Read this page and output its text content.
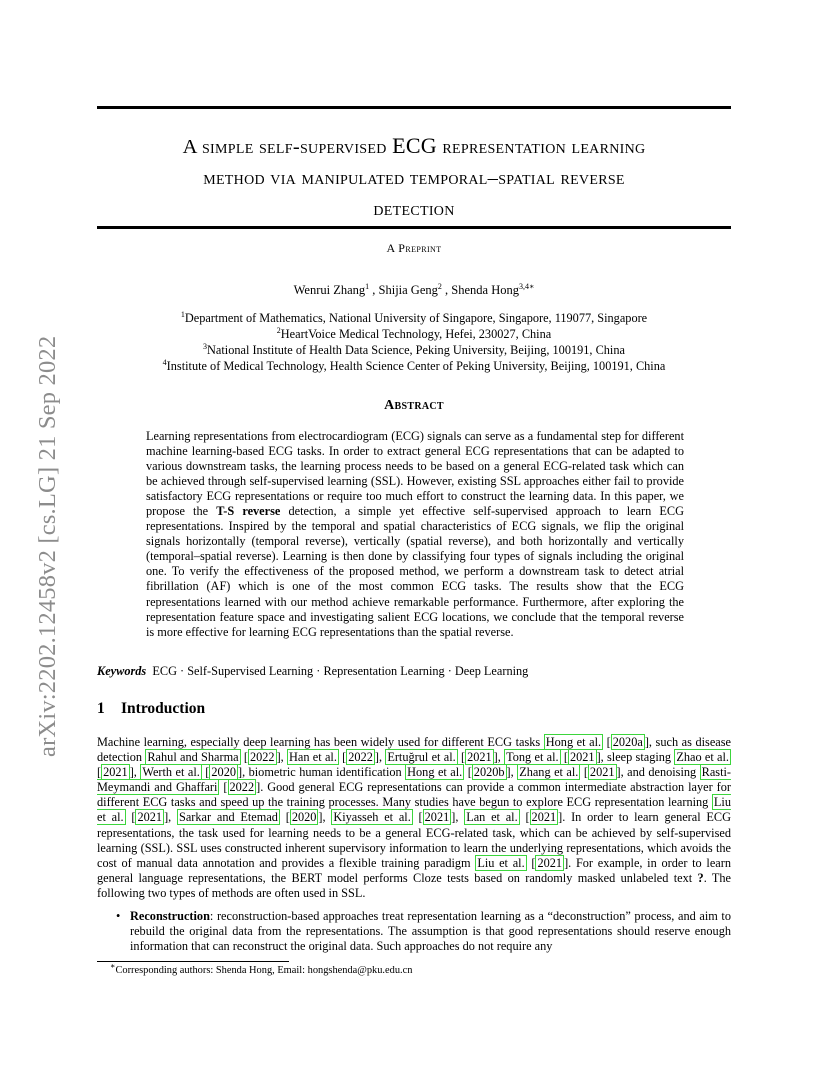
arXiv:2202.12458v2 [cs.LG] 21 Sep 2022
A simple self-supervised ECG representation learning
method via manipulated temporal–spatial reverse
detection
A Preprint
Wenrui Zhang$^1$ , Shijia Geng$^2$ , Shenda Hong$^{3,4∗}$
$^1$Department of Mathematics, National University of Singapore, Singapore, 119077, Singapore
$^2$HeartVoice Medical Technology, Hefei, 230027, China
$^3$National Institute of Health Data Science, Peking University, Beijing, 100191, China
$^4$Institute of Medical Technology, Health Science Center of Peking University, Beijing, 100191, China
Abstract
Learning representations from electrocardiogram (ECG) signals can serve as a fundamental step for different machine learning-based ECG tasks. In order to extract general ECG representations that can be adapted to various downstream tasks, the learning process needs to be based on a general ECG-related task which can be achieved through self-supervised learning (SSL). However, existing SSL approaches either fail to provide satisfactory ECG representations or require too much effort to construct the learning data. In this paper, we propose the T-S reverse detection, a simple yet effective self-supervised approach to learn ECG representations. Inspired by the temporal and spatial characteristics of ECG signals, we flip the original signals horizontally (temporal reverse), vertically (spatial reverse), and both horizontally and vertically (temporal–spatial reverse). Learning is then done by classifying four types of signals including the original one. To verify the effectiveness of the proposed method, we perform a downstream task to detect atrial fibrillation (AF) which is one of the most common ECG tasks. The results show that the ECG representations learned with our method achieve remarkable performance. Furthermore, after exploring the representation feature space and investigating salient ECG locations, we conclude that the temporal reverse is more effective for learning ECG representations than the spatial reverse.
Keywords ECG · Self-Supervised Learning · Representation Learning · Deep Learning
1 Introduction
Machine learning, especially deep learning has been widely used for different ECG tasks Hong et al. [ 2020a ], such as disease detection Rahul and Sharma [ 2022 ], Han et al. [ 2022 ], Ertuğrul et al. [ 2021 ], Tong et al. [ 2021 ], sleep staging Zhao et al. [ 2021 ], Werth et al. [ 2020 ], biometric human identification Hong et al. [ 2020b ], Zhang et al. [ 2021 ], and denoising Rasti-Meymandi and Ghaffari [ 2022 ]. Good general ECG representations can provide a common intermediate abstraction layer for different ECG tasks and speed up the training processes. Many studies have begun to explore ECG representation learning Liu et al. [ 2021 ], Sarkar and Etemad [ 2020 ], Kiyasseh et al. [ 2021 ], Lan et al. [ 2021 ]. In order to learn general ECG representations, the task used for learning needs to be a general ECG-related task, which can be achieved by self-supervised learning (SSL). SSL uses constructed inherent supervisory information to learn the underlying representations, which avoids the cost of manual data annotation and provides a flexible training paradigm Liu et al. [ 2021 ]. For example, in order to learn general language representations, the BERT model performs Cloze tests based on randomly masked unlabeled text ?. The following two types of methods are often used in SSL.
• Reconstruction: reconstruction-based approaches treat representation learning as a “deconstruction” process, and aim to rebuild the original data from the representations. The assumption is that good representations should reserve enough information that can reconstruct the original data. Such approaches do not require any
∗Corresponding authors: Shenda Hong, Email: hongshenda@pku.edu.cn
